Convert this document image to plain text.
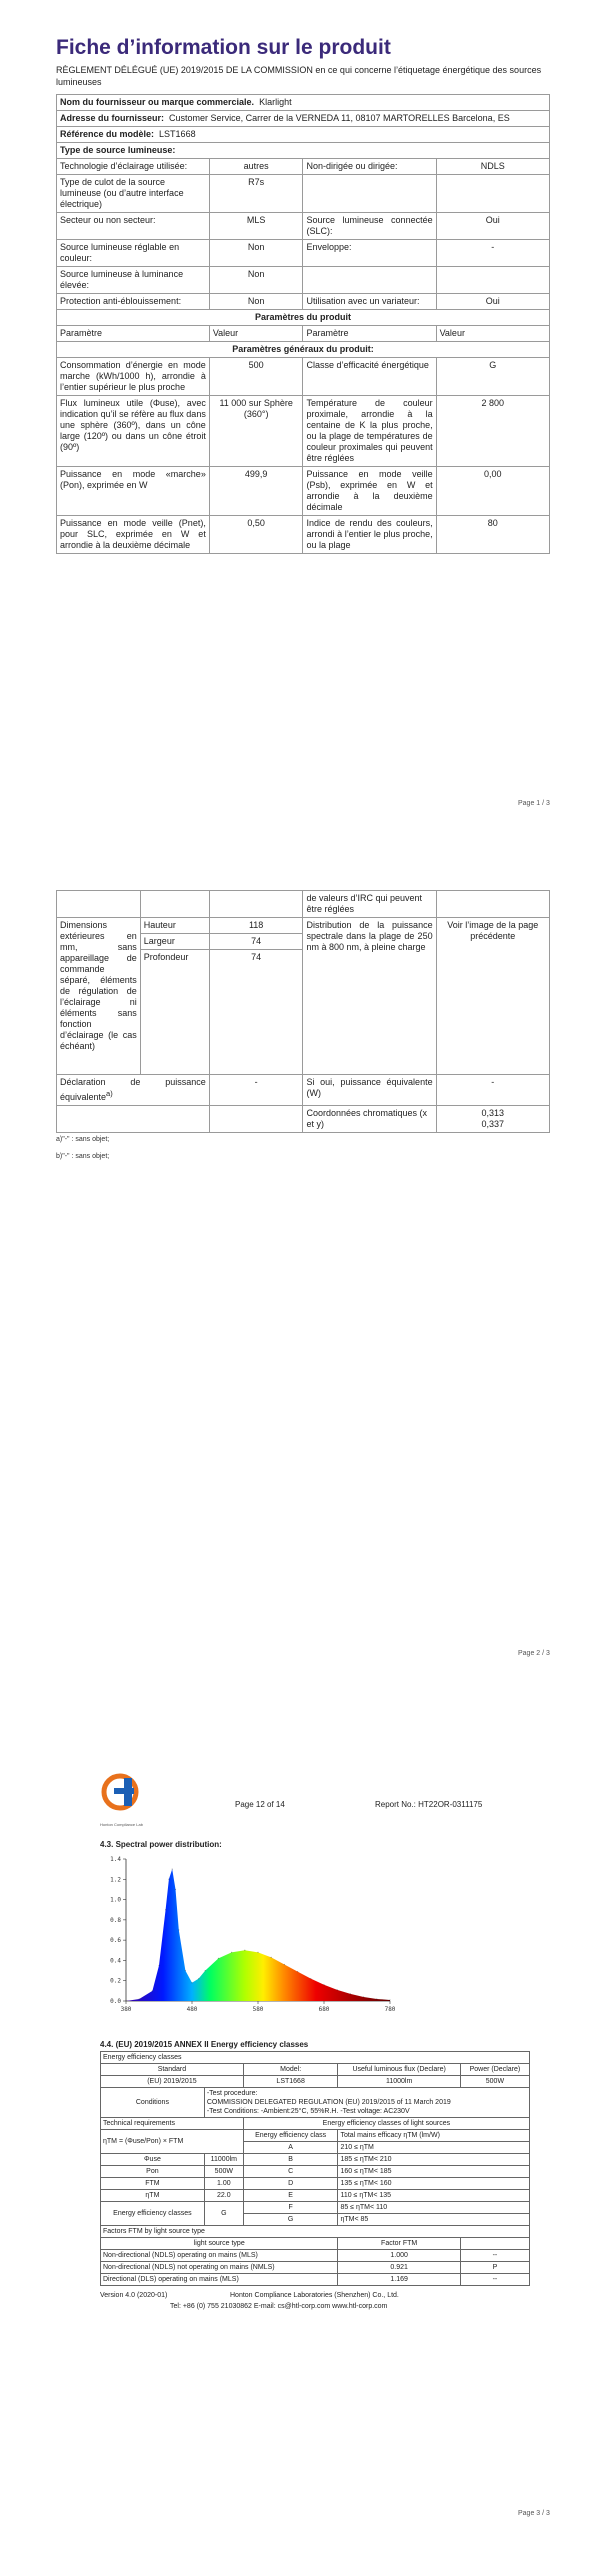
Fiche d’information sur le produit
RÈGLEMENT DÉLÉGUÉ (UE) 2019/2015 DE LA COMMISSION en ce qui concerne l’étiquetage énergétique des sources lumineuses
Nom du fournisseur ou marque commerciale. Klarlight			
Adresse du fournisseur: Customer Service, Carrer de la VERNEDA 11, 08107 MARTORELLES Barcelona, ES			
Référence du modèle: LST1668			
Type de source lumineuse:			
Technologie d’éclairage utilisée:	autres	Non-dirigée ou dirigée:	NDLS
Type de culot de la source lumineuse (ou d’autre interface électrique)	R7s		
Secteur ou non secteur:	MLS	Source lumineuse connectée (SLC):	Oui
Source lumineuse réglable en couleur:	Non	Enveloppe:	-
Source lumineuse à luminance élevée:	Non		
Protection anti-éblouissement:	Non	Utilisation avec un variateur:	Oui
Paramètres du produit			
Paramètre	Valeur	Paramètre	Valeur
Paramètres généraux du produit:			
Consommation d’énergie en mode marche (kWh/1000 h), arrondie à l’entier supérieur le plus proche	500	Classe d’efficacité énergétique	G
Flux lumineux utile (Φuse), avec indication qu’il se réfère au flux dans une sphère (360º), dans un cône large (120º) ou dans un cône étroit (90º)	11 000 sur Sphère (360°)	Température de couleur proximale, arrondie à la centaine de K la plus proche, ou la plage de températures de couleur proximales qui peuvent être réglées	2 800
Puissance en mode «marche» (Pon), exprimée en W	499,9	Puissance en mode veille (Psb), exprimée en W et arrondie à la deuxième décimale	0,00
Puissance en mode veille (Pnet), pour SLC, exprimée en W et arrondie à la deuxième décimale	0,50	Indice de rendu des couleurs, arrondi à l’entier le plus proche, ou la plage	80
Page 1 / 3
			de valeurs d’IRC qui peuvent être réglées	
Dimensions extérieures en mm, sans appareillage de commande séparé, éléments de régulation de l’éclairage ni éléments sans fonction d’éclairage (le cas échéant)	Hauteur	118	Distribution de la puissance spectrale dans la plage de 250 nm à 800 nm, à pleine charge	Voir l’image de la page précédente
	Largeur	74		
	Profondeur	74		
Déclaration de puissance équivalente$^{a)}$		-	Si oui, puissance équivalente (W)	-
			Coordonnées chromatiques (x et y)	0,313
0,337
a)"-" : sans objet;
b)"-" : sans objet;
Page 2 / 3
Honton Compliance Lab
Page 12 of 14	Report No.: HT22OR-0311175
4.3. Spectral power distribution:
0.0
0.2
0.4
0.6
0.8
1.0
1.2
1.4
380	480	580	680	780
4.4. (EU) 2019/2015 ANNEX II Energy efficiency classes
Energy efficiency classes				
Standard		Model:	Useful luminous flux (Declare)	Power (Declare)
(EU) 2019/2015		LST1668	11000lm	500W
Conditions	-Test procedure:
COMMISSION DELEGATED REGULATION (EU) 2019/2015 of 11 March 2019
-Test Conditions: -Ambient:25°C, 55%R.H. -Test voltage: AC230V			

Technical requirements		Energy efficiency classes of light sources		
ηTM = (Φuse/Pon) × FTM		Energy efficiency class	Total mains efficacy ηTM (lm/W)	
		A	210 ≤ ηTM	
Φuse	11000lm	B	185 ≤ ηTM< 210	
Pon	500W	C	160 ≤ ηTM< 185	
FTM	1.00	D	135 ≤ ηTM< 160	
ηTM	22.0	E	110 ≤ ηTM< 135	
Energy efficiency classes	G	F	85 ≤ ηTM< 110	
		G	ηTM< 85	
Factors FTM by light source type				
light source type			Factor FTM	
Non-directional (NDLS) operating on mains (MLS)			1.000	--
Non-directional (NDLS) not operating on mains (NMLS)			0.921	P
Directional (DLS) operating on mains (MLS)			1.169	--
Version 4.0 (2020-01)	Honton Compliance Laboratories (Shenzhen) Co., Ltd.
Tel: +86 (0) 755 21030862 E-mail: cs@htl-corp.com www.htl-corp.com
Page 3 / 3
